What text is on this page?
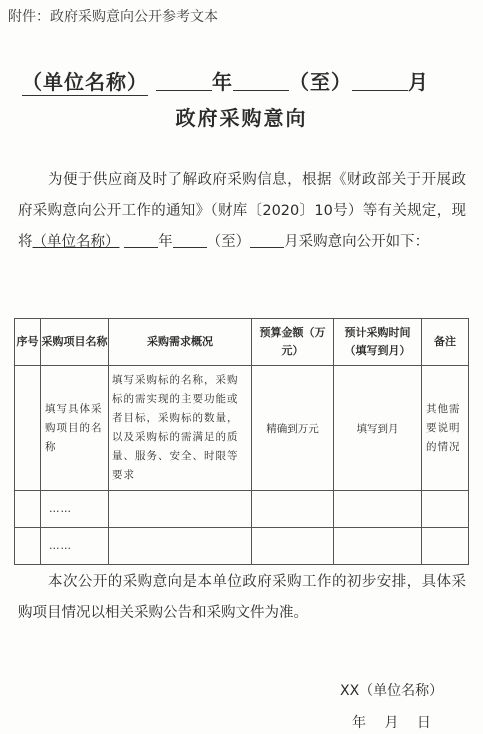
附件：政府采购意向公开参考文本
（单位名称）	年	（至）	月
政府采购意向
为便于供应商及时了解政府采购信息，根据《财政部关于开展政府采购意向公开工作的通知》（财库〔2020〕10号）等有关规定，现将（单位名称）	年 （至） 月采购意向公开如下：
序号	采购项目名称	采购需求概况	预算金额（万元）	预计采购时间（填写到月）	备注

	填写具体采购项目的名称	填写采购标的名称，采购标的需实现的主要功能或者目标，采购标的数量，以及采购标的需满足的质量、服务、安全、时限等要求	精确到万元	填写到月	其他需要说明的情况

	……				
	……				
本次公开的采购意向是本单位政府采购工作的初步安排，具体采购项目情况以相关采购公告和采购文件为准。
XX（单位名称）
年 月 日
